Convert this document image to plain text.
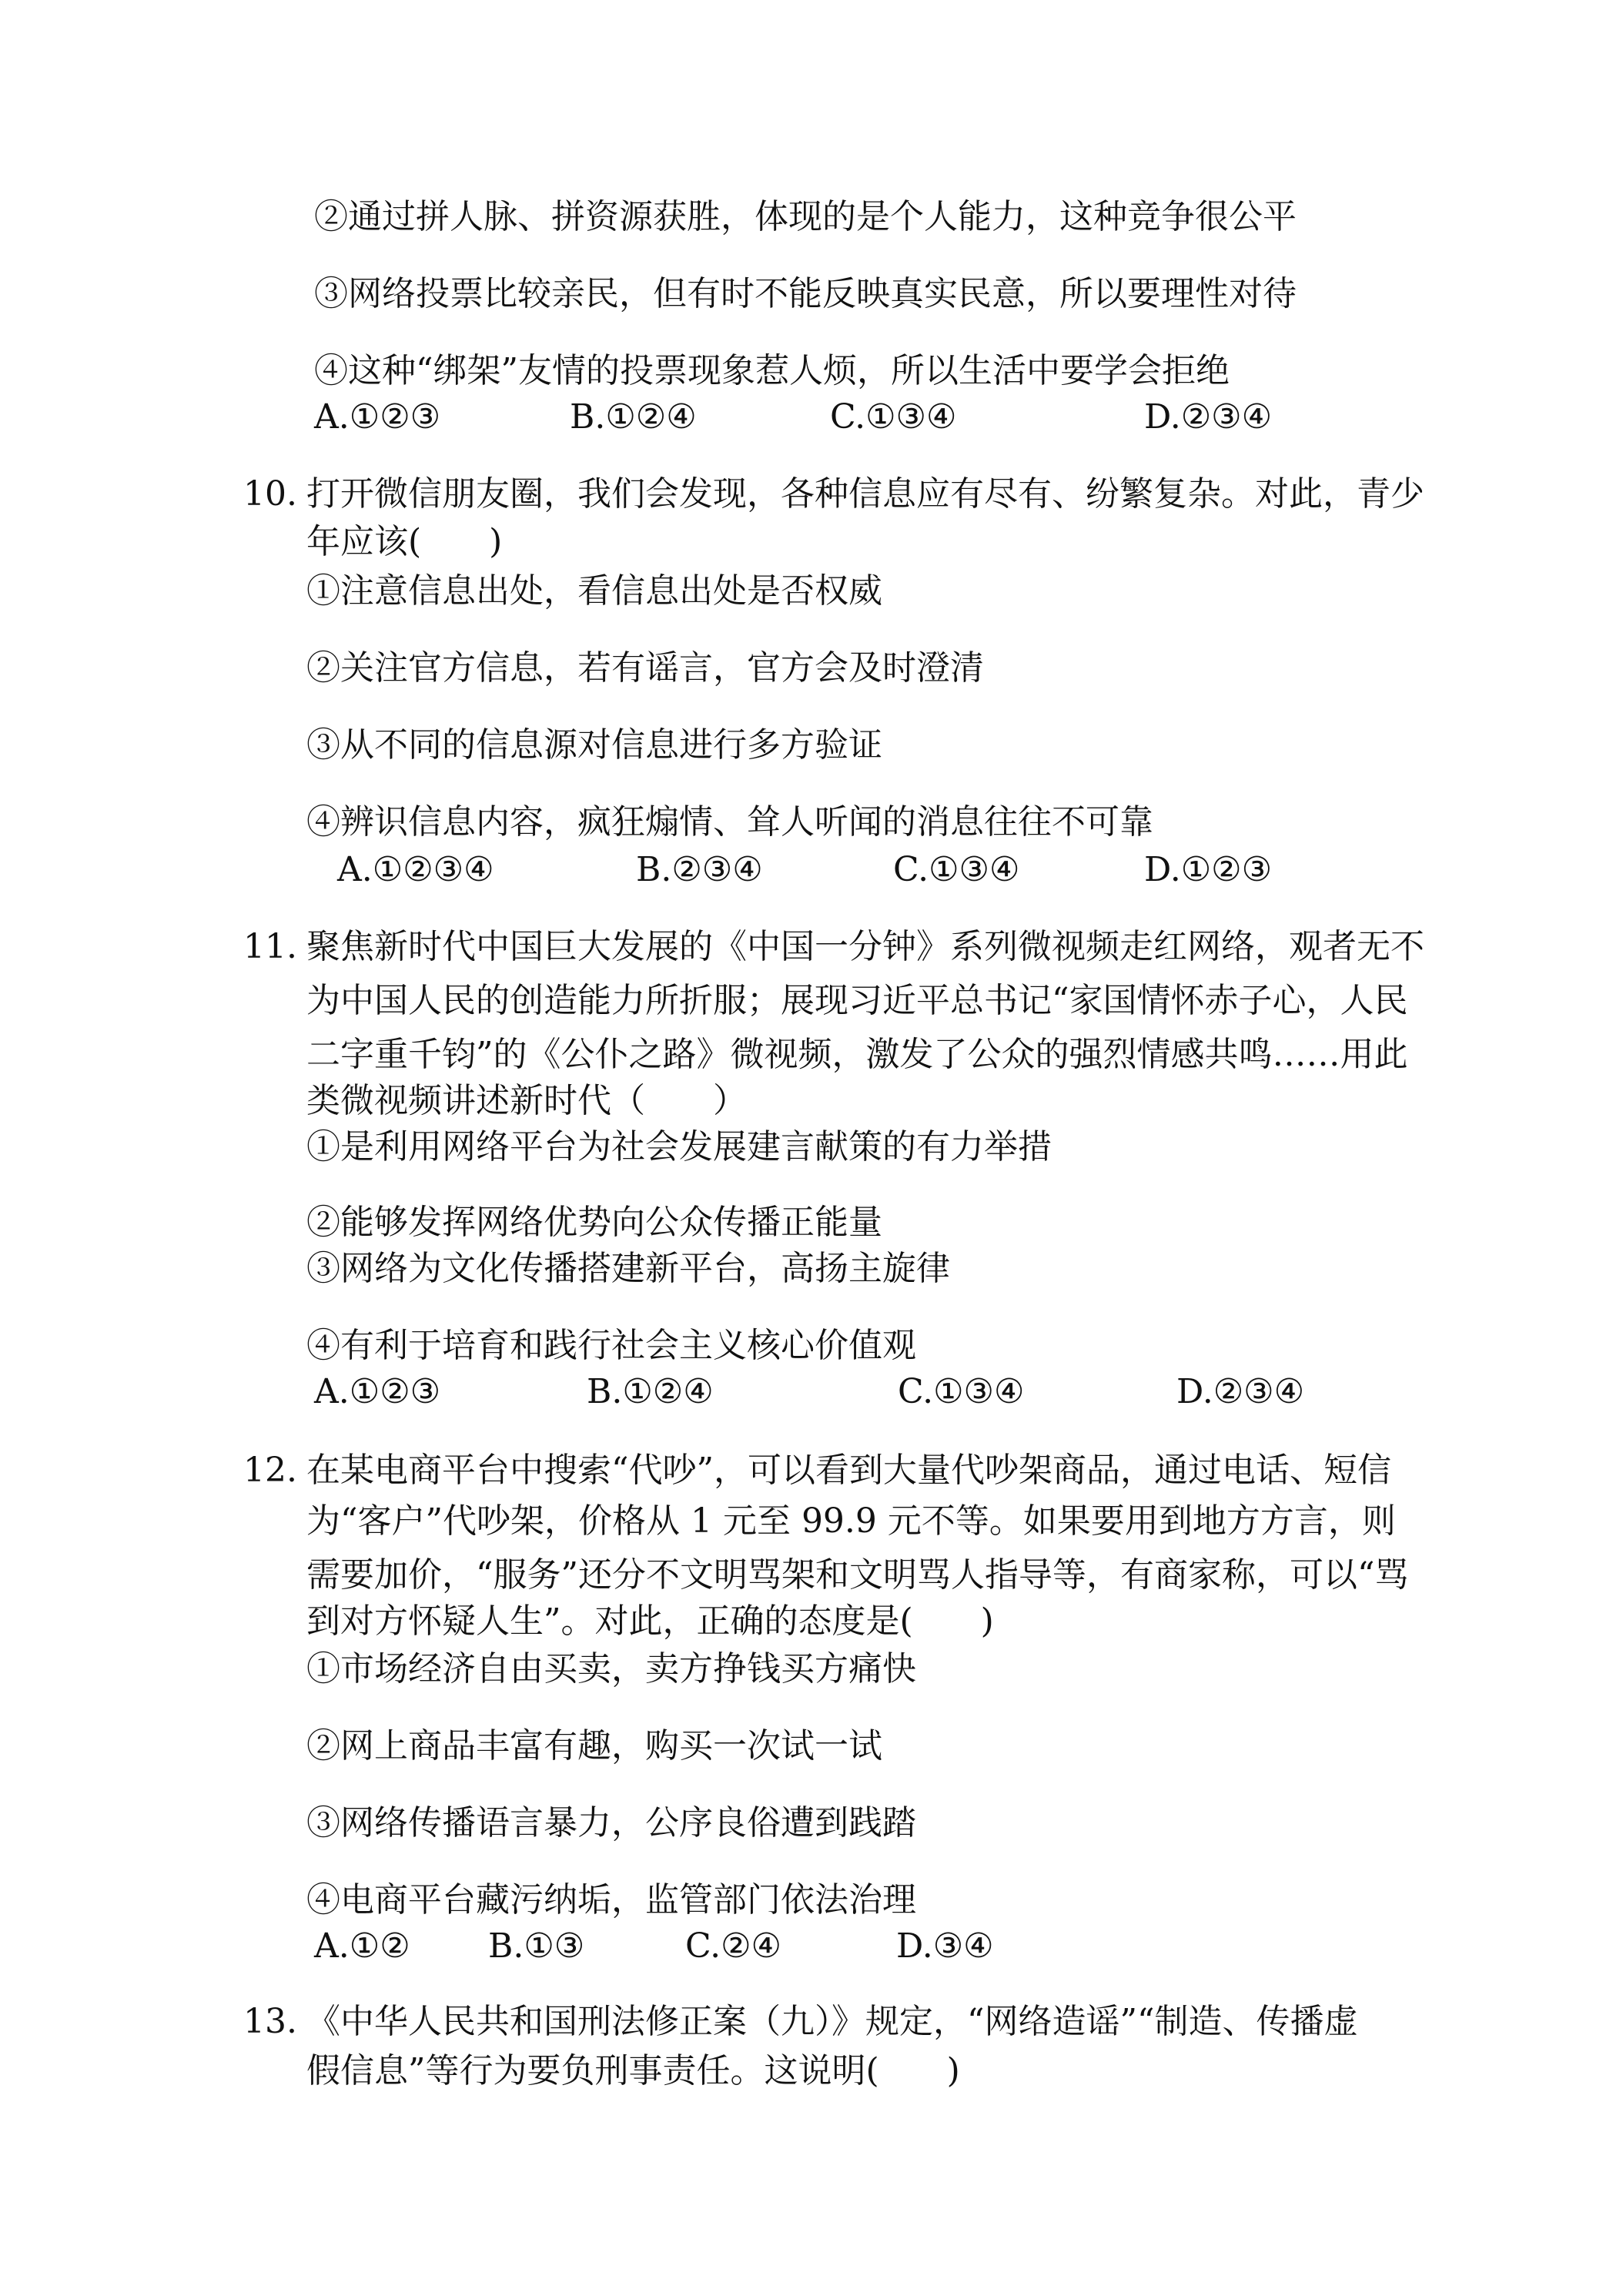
②通过拼人脉、拼资源获胜，体现的是个人能力，这种竞争很公平
③网络投票比较亲民，但有时不能反映真实民意，所以要理性对待
④这种“绑架”友情的投票现象惹人烦，所以生活中要学会拒绝
A.①②③	B.①②④	C.①③④	D.②③④
10. 打开微信朋友圈，我们会发现，各种信息应有尽有、纷繁复杂。对此，青少
年应该(　　)
①注意信息出处，看信息出处是否权威
②关注官方信息，若有谣言，官方会及时澄清
③从不同的信息源对信息进行多方验证
④辨识信息内容，疯狂煽情、耸人听闻的消息往往不可靠
A.①②③④	B.②③④	C.①③④	D.①②③
11. 聚焦新时代中国巨大发展的《中国一分钟》系列微视频走红网络，观者无不
为中国人民的创造能力所折服；展现习近平总书记“家国情怀赤子心，人民
二字重千钧”的《公仆之路》微视频，激发了公众的强烈情感共鸣……用此
类微视频讲述新时代（　　）
①是利用网络平台为社会发展建言献策的有力举措
②能够发挥网络优势向公众传播正能量
③网络为文化传播搭建新平台，高扬主旋律
④有利于培育和践行社会主义核心价值观
A.①②③	B.①②④	C.①③④	D.②③④
12. 在某电商平台中搜索“代吵”，可以看到大量代吵架商品，通过电话、短信
为“客户”代吵架，价格从 1 元至 99.9 元不等。如果要用到地方方言，则
需要加价，“服务”还分不文明骂架和文明骂人指导等，有商家称，可以“骂
到对方怀疑人生”。对此，正确的态度是(　　)
①市场经济自由买卖，卖方挣钱买方痛快
②网上商品丰富有趣，购买一次试一试
③网络传播语言暴力，公序良俗遭到践踏
④电商平台藏污纳垢，监管部门依法治理
A.①② B.①③	C.②④	D.③④
13. 《中华人民共和国刑法修正案（九）》规定，“网络造谣”“制造、传播虚
假信息”等行为要负刑事责任。这说明(　　)
